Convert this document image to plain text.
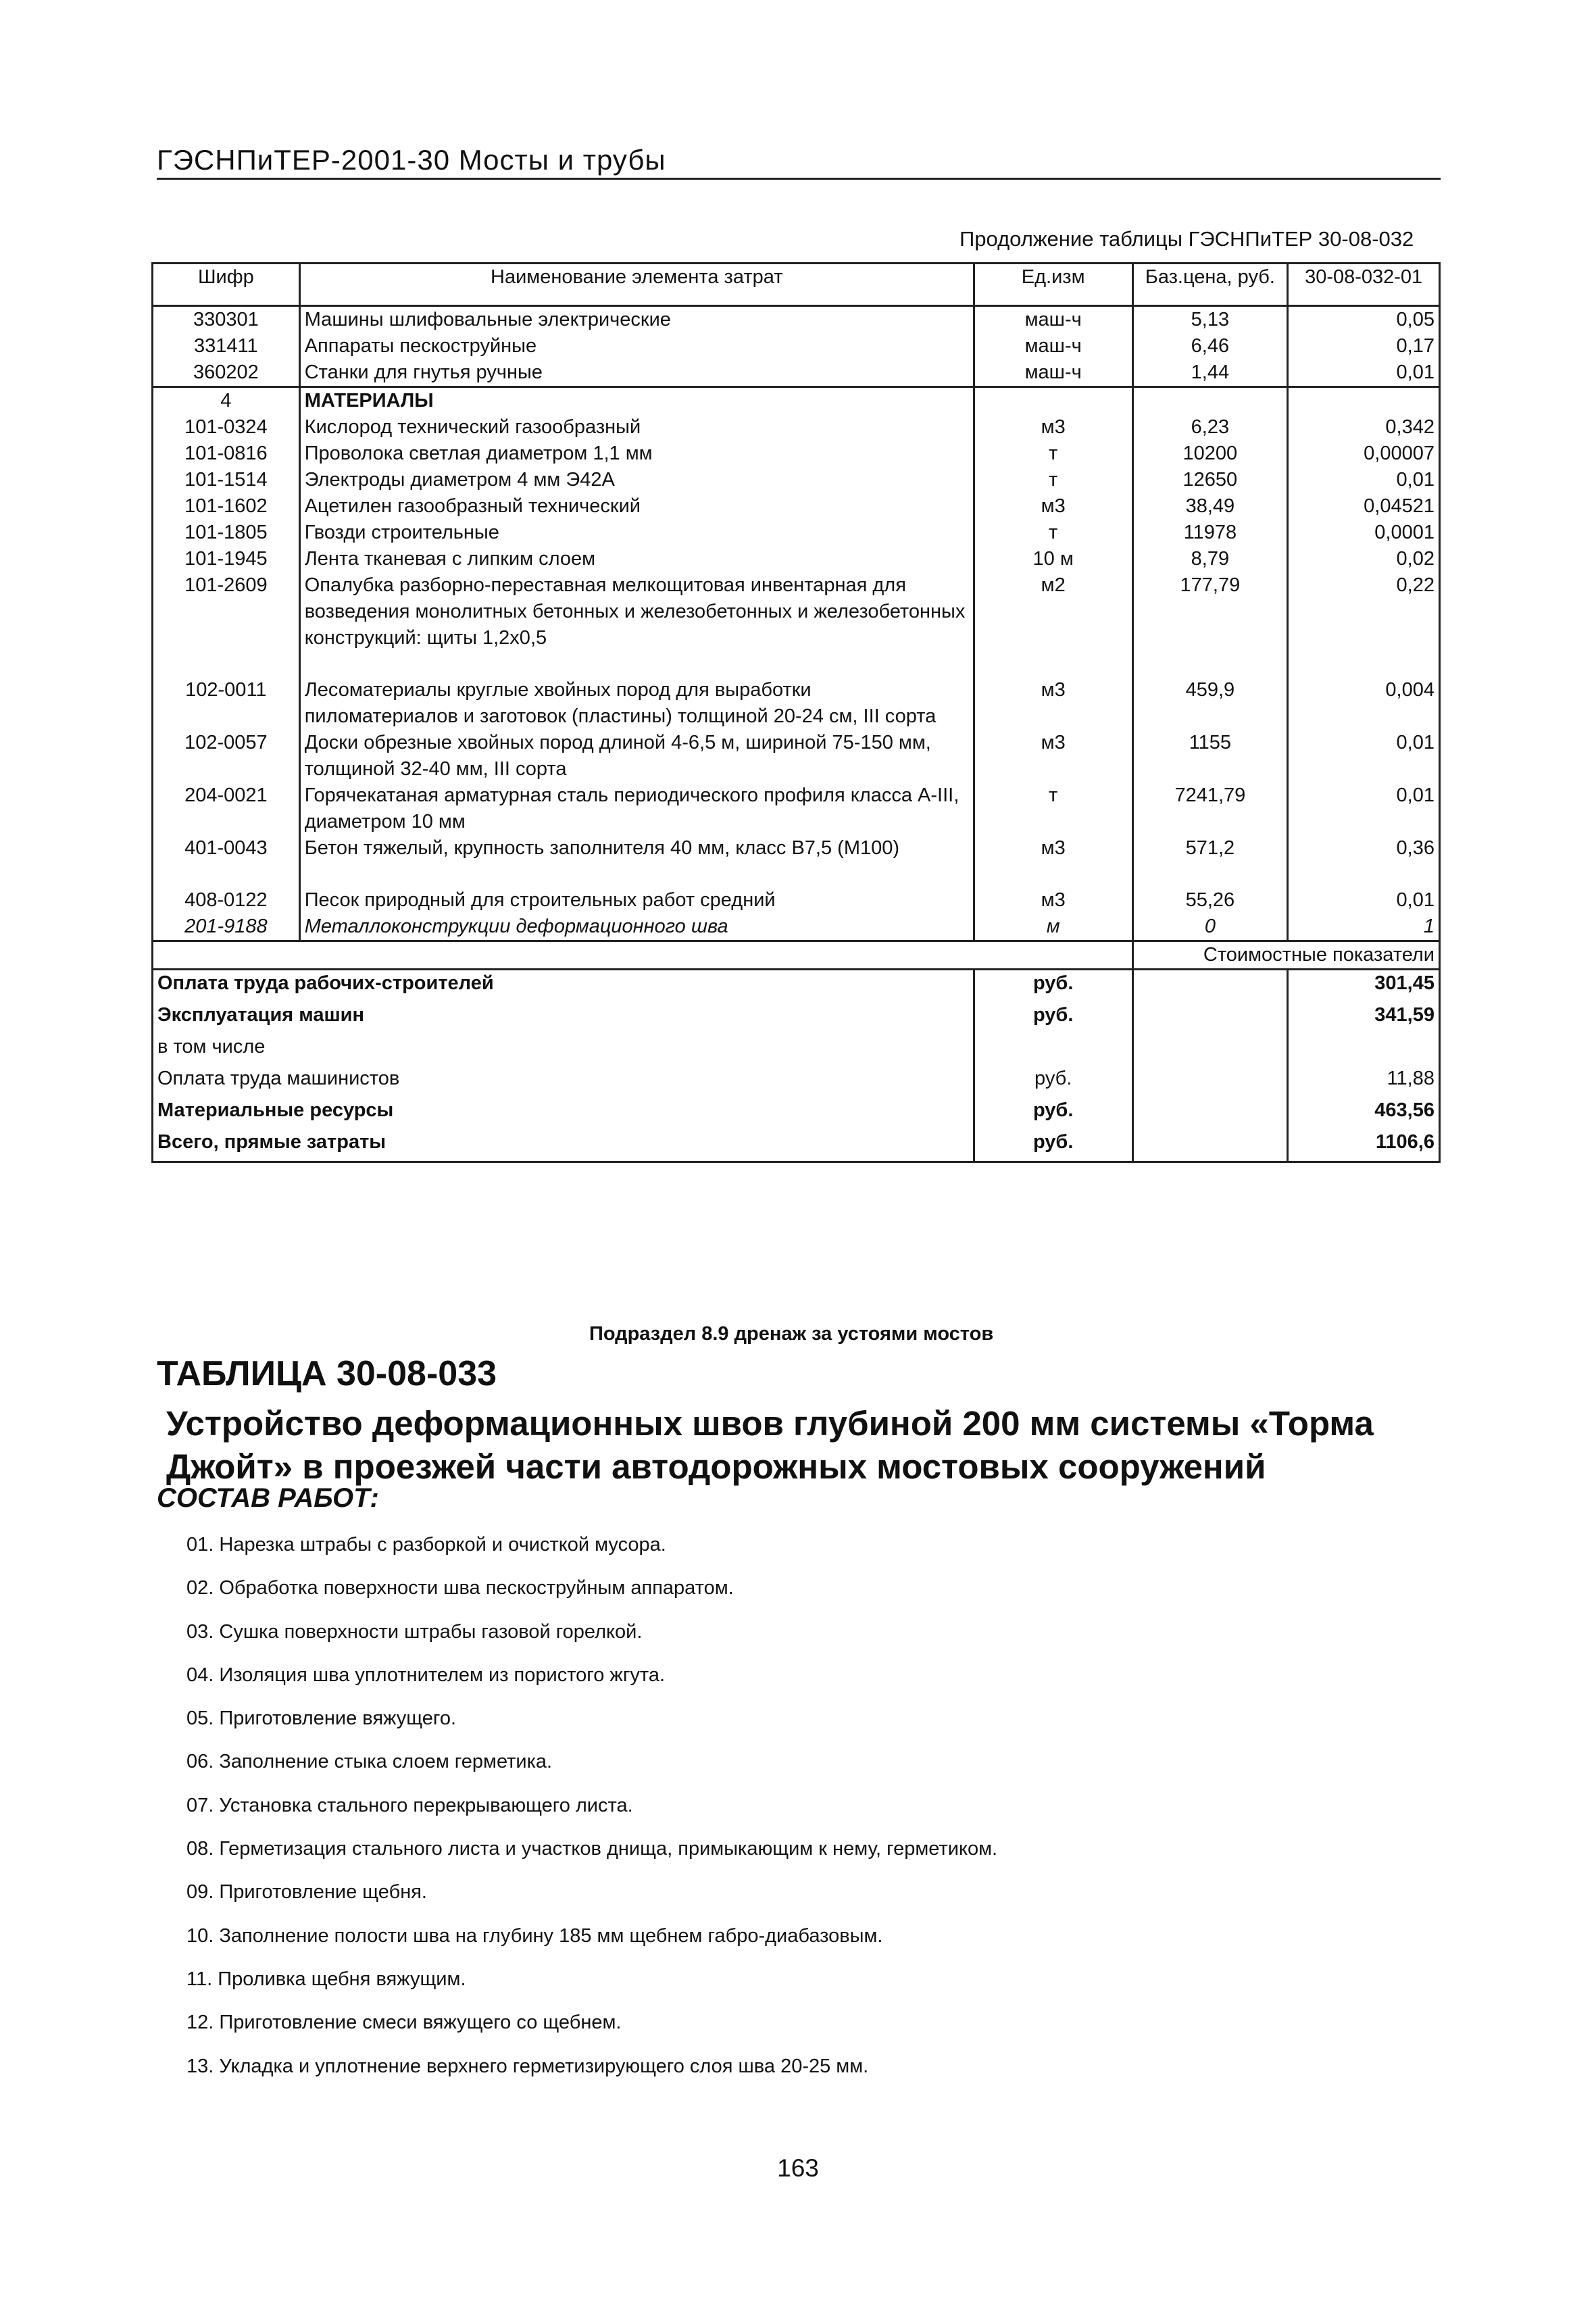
ГЭСНПиТЕР-2001-30 Мосты и трубы
Продолжение таблицы ГЭСНПиТЕР 30-08-032
Шифр	Наименование элемента затрат	Ед.изм	Баз.цена, руб.	30-08-032-01
330301	Машины шлифовальные электрические	маш-ч	5,13	0,05
331411	Аппараты пескоструйные	маш-ч	6,46	0,17
360202	Станки для гнутья ручные	маш-ч	1,44	0,01
4	МАТЕРИАЛЫ			
101-0324	Кислород технический газообразный	м3	6,23	0,342
101-0816	Проволока светлая диаметром 1,1 мм	т	10200	0,00007
101-1514	Электроды диаметром 4 мм Э42А	т	12650	0,01
101-1602	Ацетилен газообразный технический	м3	38,49	0,04521
101-1805	Гвозди строительные	т	11978	0,0001
101-1945	Лента тканевая с липким слоем	10 м	8,79	0,02
101-2609	Опалубка разборно-переставная мелкощитовая инвентарная для возведения монолитных бетонных и железобетонных и железобетонных конструкций: щиты 1,2х0,5	м2	177,79	0,22

102-0011	Лесоматериалы круглые хвойных пород для выработки пиломатериалов и заготовок (пластины) толщиной 20-24 см, III сорта	м3	459,9	0,004
102-0057	Доски обрезные хвойных пород длиной 4-6,5 м, шириной 75-150 мм, толщиной 32-40 мм, III сорта	м3	1155	0,01
204-0021	Горячекатаная арматурная сталь периодического профиля класса А-III, диаметром 10 мм	т	7241,79	0,01
401-0043	Бетон тяжелый, крупность заполнителя 40 мм, класс В7,5 (М100)	м3	571,2	0,36

408-0122	Песок природный для строительных работ средний	м3	55,26	0,01
201-9188	Металлоконструкции деформационного шва	м	0	1
			Стоимостные показатели	
Оплата труда рабочих-строителей		руб.		301,45
Эксплуатация машин		руб.		341,59
в том числе				
Оплата труда машинистов		руб.		11,88
Материальные ресурсы		руб.		463,56
Всего, прямые затраты		руб.		1106,6
Подраздел 8.9 дренаж за устоями мостов
ТАБЛИЦА 30-08-033
Устройство деформационных швов глубиной 200 мм системы «Торма Джойт» в проезжей части автодорожных мостовых сооружений
СОСТАВ РАБОТ:
01. Нарезка штрабы с разборкой и очисткой мусора.
02. Обработка поверхности шва пескоструйным аппаратом.
03. Сушка поверхности штрабы газовой горелкой.
04. Изоляция шва уплотнителем из пористого жгута.
05. Приготовление вяжущего.
06. Заполнение стыка слоем герметика.
07. Установка стального перекрывающего листа.
08. Герметизация стального листа и участков днища, примыкающим к нему, герметиком.
09. Приготовление щебня.
10. Заполнение полости шва на глубину 185 мм щебнем габро-диабазовым.
11. Проливка щебня вяжущим.
12. Приготовление смеси вяжущего со щебнем.
13. Укладка и уплотнение верхнего герметизирующего слоя шва 20-25 мм.
163
